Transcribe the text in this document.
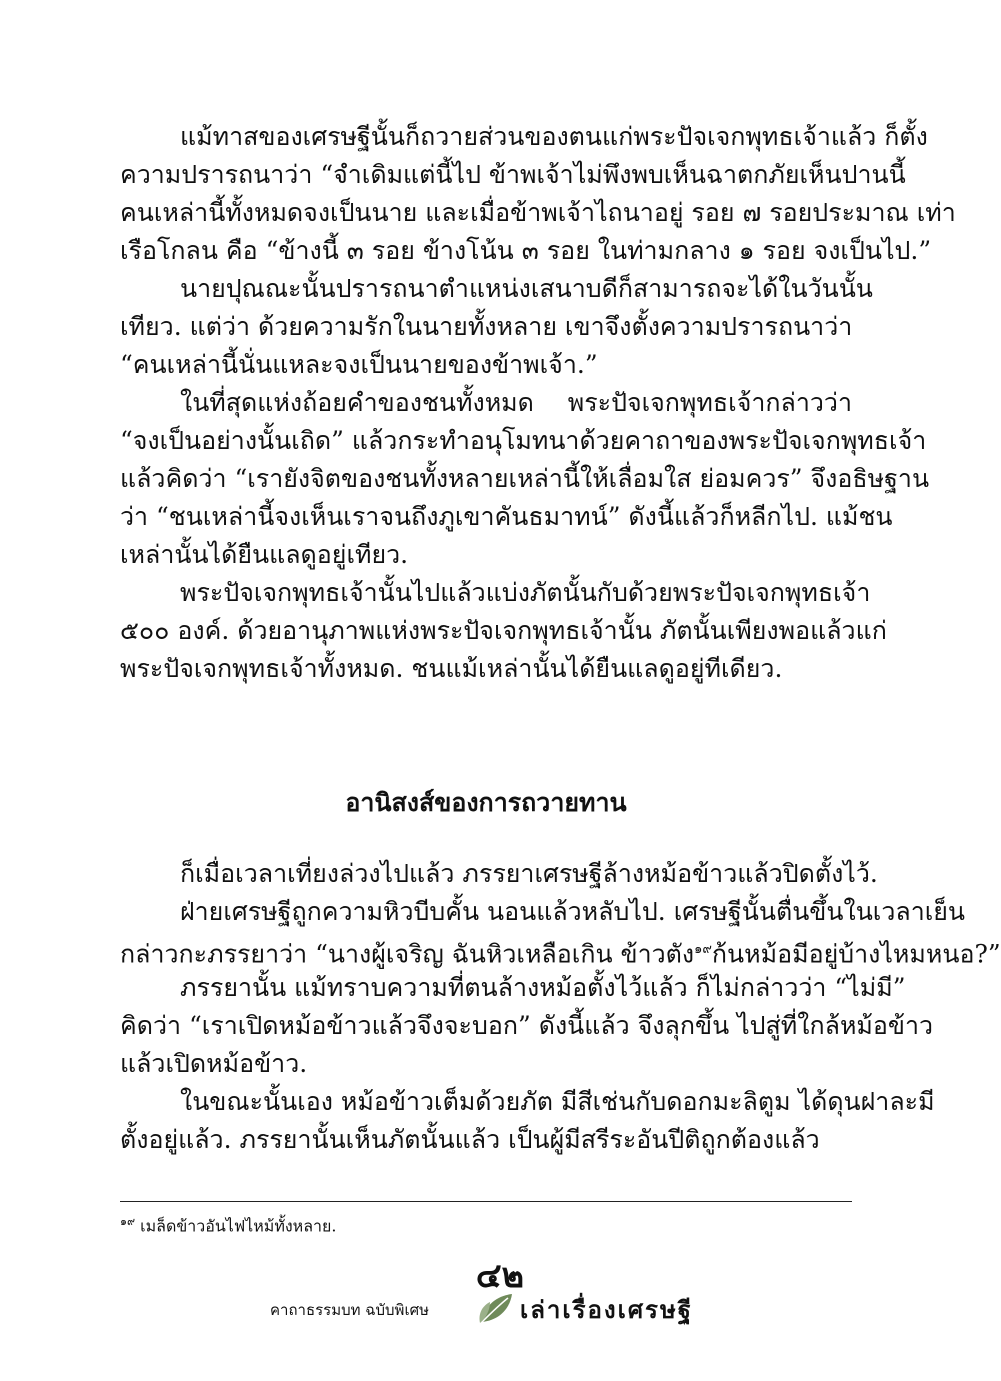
แม้ทาสของเศรษฐีนั้นก็ถวายส่วนของตนแก่พระปัจเจกพุทธเจ้าแล้ว ก็ตั้ง
ความปรารถนาว่า “จำเดิมแต่นี้ไป ข้าพเจ้าไม่พึงพบเห็นฉาตกภัยเห็นปานนี้
คนเหล่านี้ทั้งหมดจงเป็นนาย และเมื่อข้าพเจ้าไถนาอยู่ รอย ๗ รอยประมาณ เท่า
เรือโกลน คือ “ข้างนี้ ๓ รอย ข้างโน้น ๓ รอย ในท่ามกลาง ๑ รอย จงเป็นไป.”
นายปุณณะนั้นปรารถนาตำแหน่งเสนาบดีก็สามารถจะได้ในวันนั้น
เทียว. แต่ว่า ด้วยความรักในนายทั้งหลาย เขาจึงตั้งความปรารถนาว่า
“คนเหล่านี้นั่นแหละจงเป็นนายของข้าพเจ้า.”
ในที่สุดแห่งถ้อยคำของชนทั้งหมด พระปัจเจกพุทธเจ้ากล่าวว่า
“จงเป็นอย่างนั้นเถิด” แล้วกระทำอนุโมทนาด้วยคาถาของพระปัจเจกพุทธเจ้า
แล้วคิดว่า “เรายังจิตของชนทั้งหลายเหล่านี้ให้เลื่อมใส ย่อมควร” จึงอธิษฐาน
ว่า “ชนเหล่านี้จงเห็นเราจนถึงภูเขาคันธมาทน์” ดังนี้แล้วก็หลีกไป. แม้ชน
เหล่านั้นได้ยืนแลดูอยู่เทียว.
พระปัจเจกพุทธเจ้านั้นไปแล้วแบ่งภัตนั้นกับด้วยพระปัจเจกพุทธเจ้า
๕๐๐ องค์. ด้วยอานุภาพแห่งพระปัจเจกพุทธเจ้านั้น ภัตนั้นเพียงพอแล้วแก่
พระปัจเจกพุทธเจ้าทั้งหมด. ชนแม้เหล่านั้นได้ยืนแลดูอยู่ทีเดียว.
อานิสงส์ของการถวายทาน
ก็เมื่อเวลาเที่ยงล่วงไปแล้ว ภรรยาเศรษฐีล้างหม้อข้าวแล้วปิดตั้งไว้.
ฝ่ายเศรษฐีถูกความหิวบีบคั้น นอนแล้วหลับไป. เศรษฐีนั้นตื่นขึ้นในเวลาเย็น
กล่าวกะภรรยาว่า “นางผู้เจริญ ฉันหิวเหลือเกิน ข้าวตัง$^{๑๙}$ก้นหม้อมีอยู่บ้างไหมหนอ?”
ภรรยานั้น แม้ทราบความที่ตนล้างหม้อตั้งไว้แล้ว ก็ไม่กล่าวว่า “ไม่มี”
คิดว่า “เราเปิดหม้อข้าวแล้วจึงจะบอก” ดังนี้แล้ว จึงลุกขึ้น ไปสู่ที่ใกล้หม้อข้าว
แล้วเปิดหม้อข้าว.
ในขณะนั้นเอง หม้อข้าวเต็มด้วยภัต มีสีเช่นกับดอกมะลิตูม ได้ดุนฝาละมี
ตั้งอยู่แล้ว. ภรรยานั้นเห็นภัตนั้นแล้ว เป็นผู้มีสรีระอันปีติถูกต้องแล้ว
$^{๑๙}$ เมล็ดข้าวอันไฟไหม้ทั้งหลาย.
๔๒
คาถาธรรมบท ฉบับพิเศษ	เล่าเรื่องเศรษฐี
